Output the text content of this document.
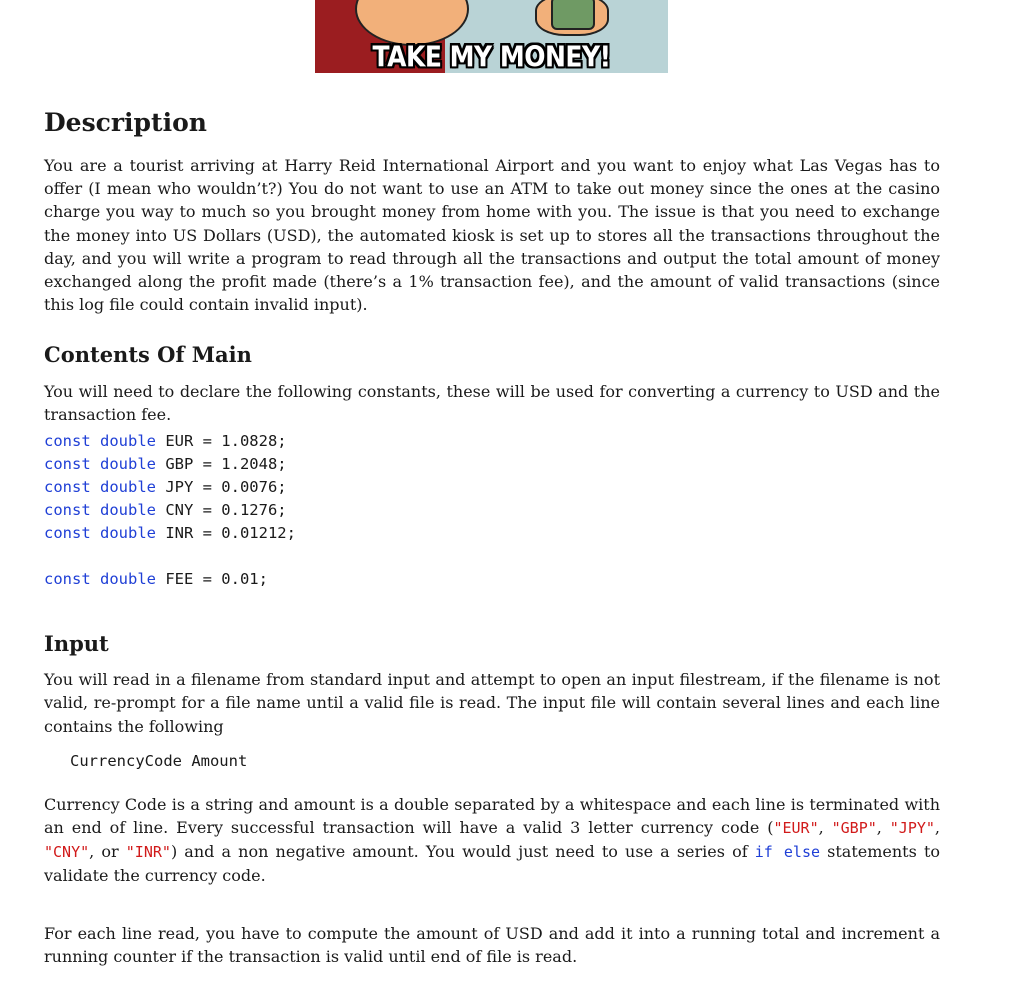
TAKE MY MONEY!
Description

You are a tourist arriving at Harry Reid International Airport and you want to enjoy what Las Vegas has to offer (I mean who wouldn’t?) You do not want to use an ATM to take out money since the ones at the casino charge you way to much so you brought money from home with you. The issue is that you need to exchange the money into US Dollars (USD), the automated kiosk is set up to stores all the transactions throughout the day, and you will write a program to read through all the transactions and output the total amount of money exchanged along the profit made (there’s a 1% transaction fee), and the amount of valid transactions (since this log file could contain invalid input).

Contents Of Main

You will need to declare the following constants, these will be used for converting a currency to USD and the transaction fee.

const double EUR = 1.0828;
const double GBP = 1.2048;
const double JPY = 0.0076;
const double CNY = 0.1276;
const double INR = 0.01212;
const double FEE = 0.01;
Input

You will read in a filename from standard input and attempt to open an input filestream, if the filename is not valid, re-prompt for a file name until a valid file is read. The input file will contain several lines and each line contains the following

CurrencyCode Amount

Currency Code is a string and amount is a double separated by a whitespace and each line is terminated with an end of line. Every successful transaction will have a valid 3 letter currency code ("EUR", "GBP", "JPY", "CNY", or "INR") and a non negative amount. You would just need to use a series of if else statements to validate the currency code.

For each line read, you have to compute the amount of USD and add it into a running total and increment a running counter if the transaction is valid until end of file is read.
